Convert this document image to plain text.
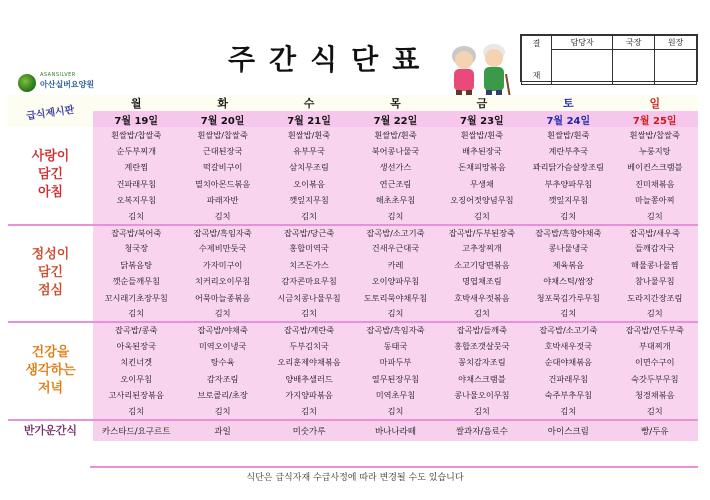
ASANSILVER
아산실버요양원
주간식단표	결

재	담당자	국장	원장

급식제시판	월	화	수	목	금	토	일
	7월 19일	7월 20일	7월 21일	7월 22일	7월 23일	7월 24일	7월 25일
사랑이
담긴
아침	흰쌀밥/찹쌀죽	흰쌀밥/찹쌀죽	흰쌀밥/흰죽	흰쌀밥/흰죽	흰쌀밥/흰죽	흰쌀밥/흰죽	흰쌀밥/찹쌀죽
	순두부찌개	근대된장국	유부무국	북어콩나물국	배추된장국	계란부추국	누룽지탕
	계란찜	떡갈비구이	삼치무조림	생선가스	돈채피망볶음	꽈리닭가슴살장조림	베이컨스크램블
	건파래무침	멸치아몬드볶음	오이볶음	연근조림	무생채	부추양파무침	진미채볶음
	오복지무침	파래자반	깻잎지무침	해초초무침	오징어젓양념무침	깻잎지무침	마늘쫑아찌
	김치	김치	김치	김치	김치	김치	김치
정성이
담긴
점심	잡곡밥/북어죽	잡곡밥/흑임자죽	잡곡밥/당근죽	잡곡밥/소고기죽	잡곡밥/두부된장죽	잡곡밥/흑향야채죽	잡곡밥/새우죽
	청국장	수제비만둣국	홍합미역국	건새우근대국	고추장찌개	콩나물냉국	들깨감자국
	닭볶음탕	가자미구이	치즈돈가스	카레	소고기당면볶음	제육볶음	해물콩나물찜
	깻순들깨무침	치커리오이무침	감자콘마요무침	오이양파무침	명엽채조림	야채스틱/쌈장	참나물무침
	꼬시래기초장무침	어묵마늘종볶음	시금치콩나물무침	도토리묵야채무침	호박새우젓볶음	청포묵김가루무침	도라지간장조림
	김치	김치	김치	김치	김치	김치	김치
건강을
생각하는
저녁	잡곡밥/콩죽	잡곡밥/야채죽	잡곡밥/계란죽	잡곡밥/흑임자죽	잡곡밥/들깨죽	잡곡밥/소고기죽	잡곡밥/연두부죽
	아욱된장국	미역오이냉국	두부김치국	동태국	홍합조갯살뭇국	호박새우젓국	부대찌개
	치킨너겟	탕수육	오리훈제야채볶음	마파두부	꽁치감자조림	순대야채볶음	이면수구이
	오이무침	감자조림	양배추샐러드	열무된장무침	야채스크램블	건파래무침	숙갓두부무침
	고사리된장볶음	브로콜리/초장	가지양파볶음	미역초무침	콩나물오이무침	숙주부추무침	청경채볶음
	김치	김치	김치	김치	김치	김치	김치
반가운간식	카스타드/요구르트	과일	미숫가루	바나나라떼	쌀과자/음료수	아이스크림	빵/두유
식단은 급식자재 수급사정에 따라 변경될 수도 있습니다
